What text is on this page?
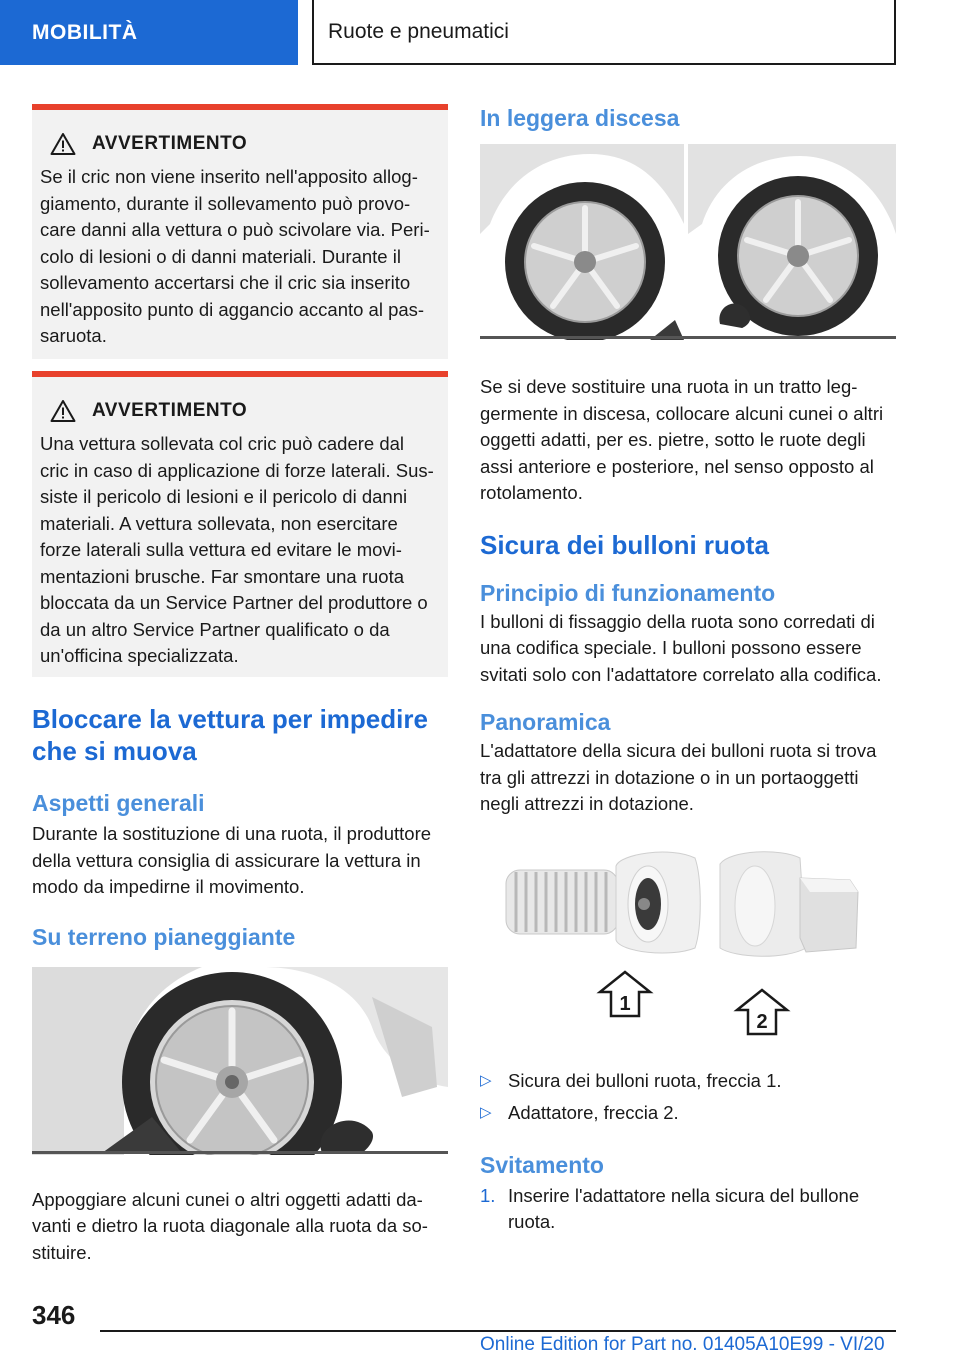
MOBILITÀ	Ruote e pneumatici
AVVERTIMENTO
Se il cric non viene inserito nell'apposito allog-
giamento, durante il sollevamento può provo-
care danni alla vettura o può scivolare via. Peri-
colo di lesioni o di danni materiali. Durante il
sollevamento accertarsi che il cric sia inserito
nell'apposito punto di aggancio accanto al pas-
saruota.
AVVERTIMENTO
Una vettura sollevata col cric può cadere dal
cric in caso di applicazione di forze laterali. Sus-
siste il pericolo di lesioni e il pericolo di danni
materiali. A vettura sollevata, non esercitare
forze laterali sulla vettura ed evitare le movi-
mentazioni brusche. Far smontare una ruota
bloccata da un Service Partner del produttore o
da un altro Service Partner qualificato o da
un'officina specializzata.
Bloccare la vettura per impedire
che si muova
Aspetti generali
Durante la sostituzione di una ruota, il produttore
della vettura consiglia di assicurare la vettura in
modo da impedirne il movimento.
Su terreno pianeggiante
Appoggiare alcuni cunei o altri oggetti adatti da-
vanti e dietro la ruota diagonale alla ruota da so-
stituire.
In leggera discesa
Se si deve sostituire una ruota in un tratto leg-
germente in discesa, collocare alcuni cunei o altri
oggetti adatti, per es. pietre, sotto le ruote degli
assi anteriore e posteriore, nel senso opposto al
rotolamento.
Sicura dei bulloni ruota
Principio di funzionamento
I bulloni di fissaggio della ruota sono corredati di
una codifica speciale. I bulloni possono essere
svitati solo con l'adattatore correlato alla codifica.
Panoramica
L'adattatore della sicura dei bulloni ruota si trova
tra gli attrezzi in dotazione o in un portaoggetti
negli attrezzi in dotazione.
1
2
▷ Sicura dei bulloni ruota, freccia 1.
▷ Adattatore, freccia 2.
Svitamento
1. Inserire l'adattatore nella sicura del bullone
ruota.
346
Online Edition for Part no. 01405A10E99 - VI/20
